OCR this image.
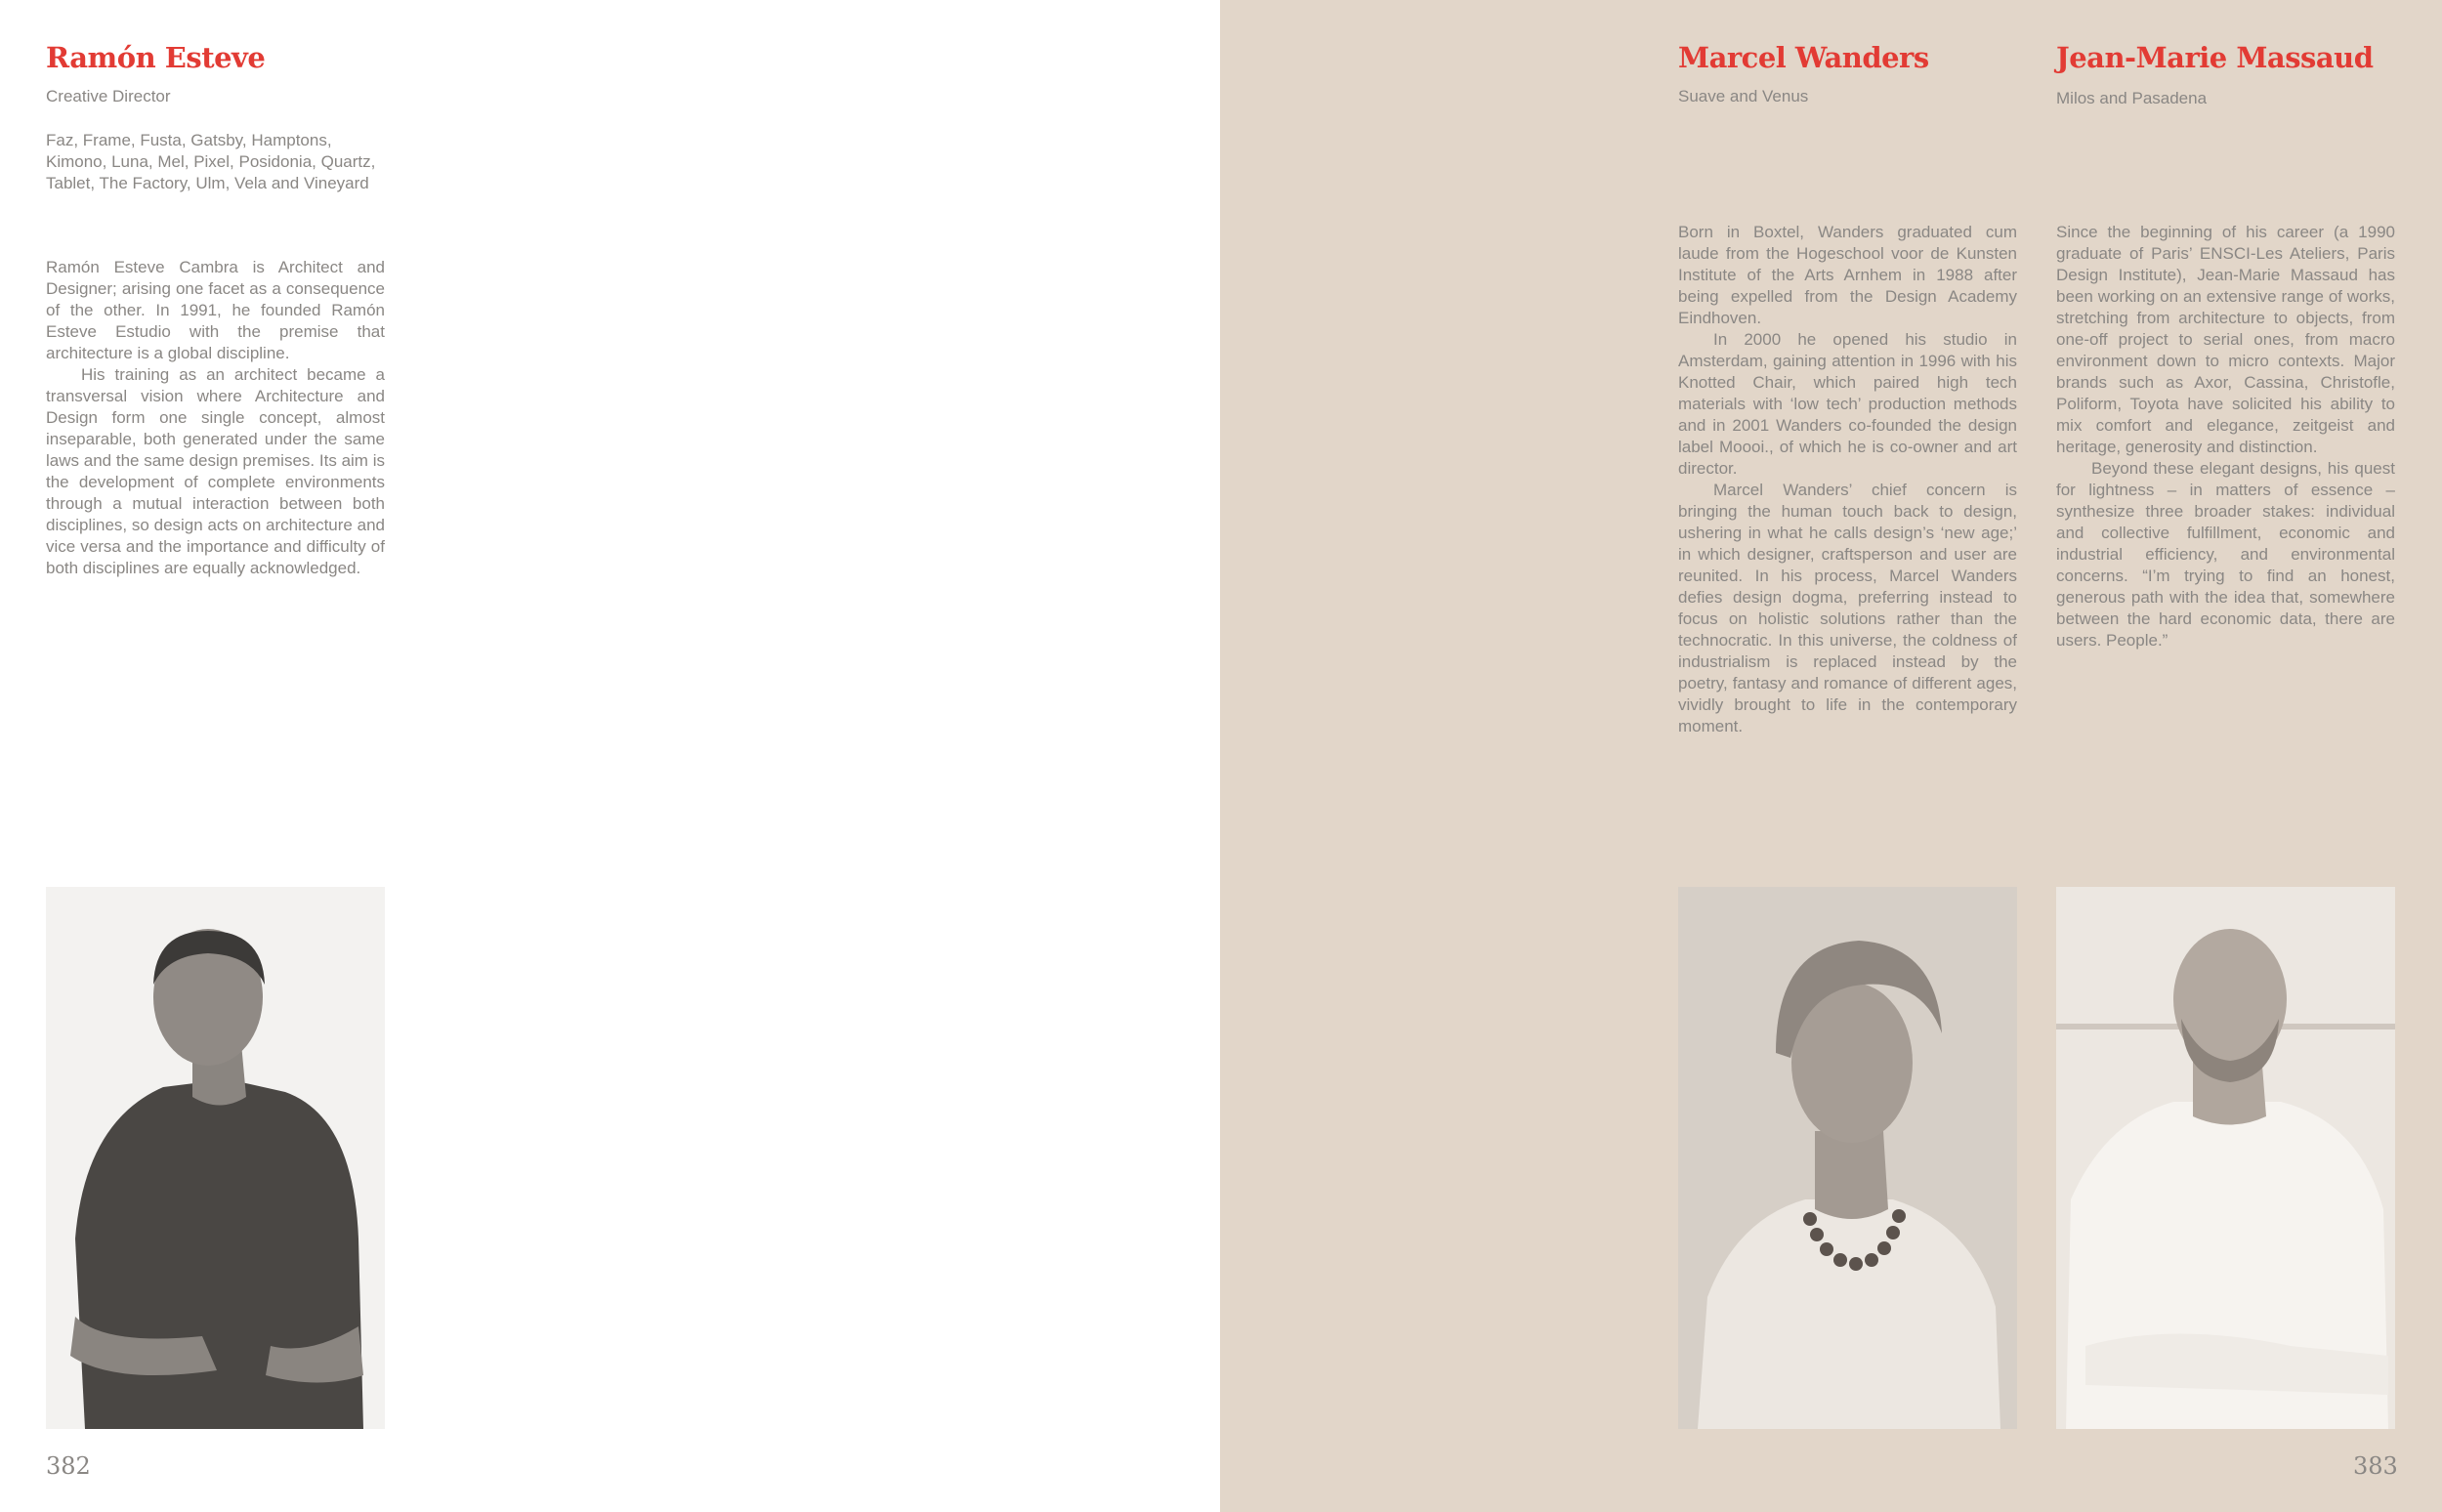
Ramón Esteve
Creative Director
Faz, Frame, Fusta, Gatsby, Hamptons, Kimono, Luna, Mel, Pixel, Posidonia, Quartz, Tablet, The Factory, Ulm, Vela and Vineyard

Ramón Esteve Cambra is Architect and Designer; arising one facet as a consequence of the other. In 1991, he founded Ramón Esteve Estudio with the premise that architecture is a global discipline.

His training as an architect became a transversal vision where Architecture and Design form one single concept, almost inseparable, both generated under the same laws and the same design premises. Its aim is the development of complete environments through a mutual interaction between both disciplines, so design acts on architecture and vice versa and the importance and difficulty of both disciplines are equally acknowledged.

382
Marcel Wanders
Suave and Venus

Born in Boxtel, Wanders graduated cum laude from the Hogeschool voor de Kunsten Institute of the Arts Arnhem in 1988 after being expelled from the Design Academy Eindhoven.

In 2000 he opened his studio in Amsterdam, gaining attention in 1996 with his Knotted Chair, which paired high tech materials with ‘low tech’ production methods and in 2001 Wanders co-founded the design label Moooi., of which he is co-owner and art director.

Marcel Wanders’ chief concern is bringing the human touch back to design, ushering in what he calls design’s ‘new age;’ in which designer, craftsperson and user are reunited. In his process, Marcel Wanders defies design dogma, preferring instead to focus on holistic solutions rather than the technocratic. In this universe, the coldness of industrialism is replaced instead by the poetry, fantasy and romance of different ages, vividly brought to life in the contemporary moment.

Jean-Marie Massaud
Milos and Pasadena

Since the beginning of his career (a 1990 graduate of Paris’ ENSCI-Les Ateliers, Paris Design Institute), Jean-Marie Massaud has been working on an extensive range of works, stretching from architecture to objects, from one-off project to serial ones, from macro environment down to micro contexts. Major brands such as Axor, Cassina, Christofle, Poliform, Toyota have solicited his ability to mix comfort and elegance, zeitgeist and heritage, generosity and distinction.

Beyond these elegant designs, his quest for lightness – in matters of essence – synthesize three broader stakes: individual and collective fulfillment, economic and industrial efficiency, and environmental concerns. “I’m trying to find an honest, generous path with the idea that, somewhere between the hard economic data, there are users. People.”

383
